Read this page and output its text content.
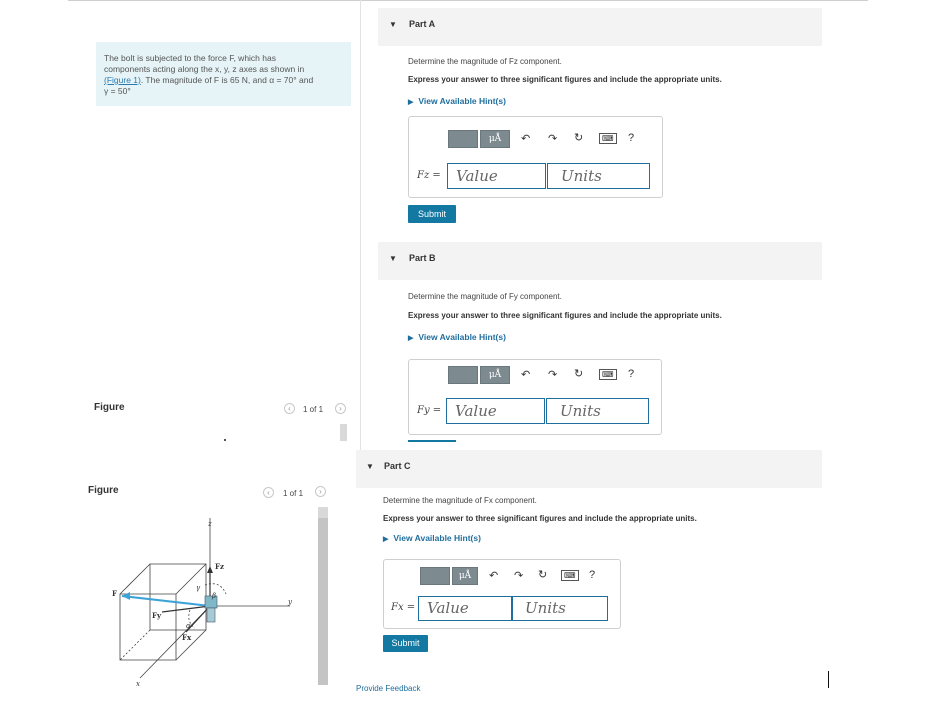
The bolt is subjected to the force F, which has
components acting along the x, y, z axes as shown in
(Figure 1). The magnitude of F is 65 N, and α = 70° and
γ = 50°
▼ Part A
Determine the magnitude of Fz component.
Express your answer to three significant figures and include the appropriate units.
▶ View Available Hint(s)
μÅ	↶ ↷ ↻	⌨ ?
Fz =	Value	Units
Submit
▼ Part B
Determine the magnitude of Fy component.
Express your answer to three significant figures and include the appropriate units.
▶ View Available Hint(s)
μÅ	↶ ↷ ↻	⌨ ?
Fy = Value	Units
▼ Part C
Determine the magnitude of Fx component.
Express your answer to three significant figures and include the appropriate units.
▶ View Available Hint(s)
μÅ	↶ ↷ ↻	⌨ ?
Fx = Value	Units
Submit
Provide Feedback
Figure	‹	1 of 1	›
Figure	‹	1 of 1	›
z
x
y
F
Fz
Fy
Fx
γ
β
α
